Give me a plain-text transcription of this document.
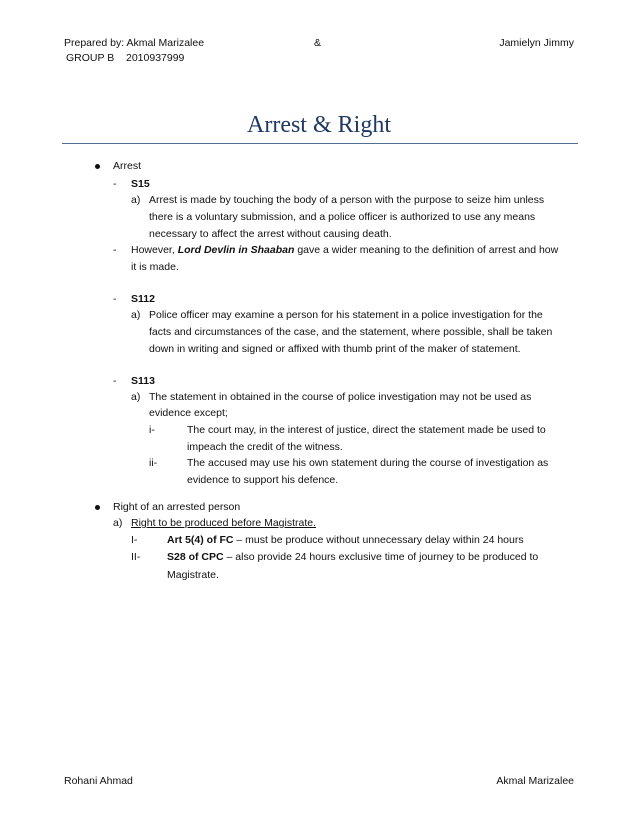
Prepared by: Akmal Marizalee	&	Jamielyn Jimmy
GROUP B 2010937999
Arrest & Right
Arrest
- S15
a) Arrest is made by touching the body of a person with the purpose to seize him unless
there is a voluntary submission, and a police officer is authorized to use any means
necessary to affect the arrest without causing death.
- However, Lord Devlin in Shaaban gave a wider meaning to the definition of arrest and how
it is made.
- S112
a) Police officer may examine a person for his statement in a police investigation for the
facts and circumstances of the case, and the statement, where possible, shall be taken
down in writing and signed or affixed with thumb print of the maker of statement.
- S113
a) The statement in obtained in the course of police investigation may not be used as
evidence except;
i-	The court may, in the interest of justice, direct the statement made be used to
impeach the credit of the witness.
ii-	The accused may use his own statement during the course of investigation as
evidence to support his defence.
Right of an arrested person
a) Right to be produced before Magistrate.
I-	Art 5(4) of FC – must be produce without unnecessary delay within 24 hours
II-	S28 of CPC – also provide 24 hours exclusive time of journey to be produced to
Magistrate.
Rohani Ahmad	Akmal Marizalee
